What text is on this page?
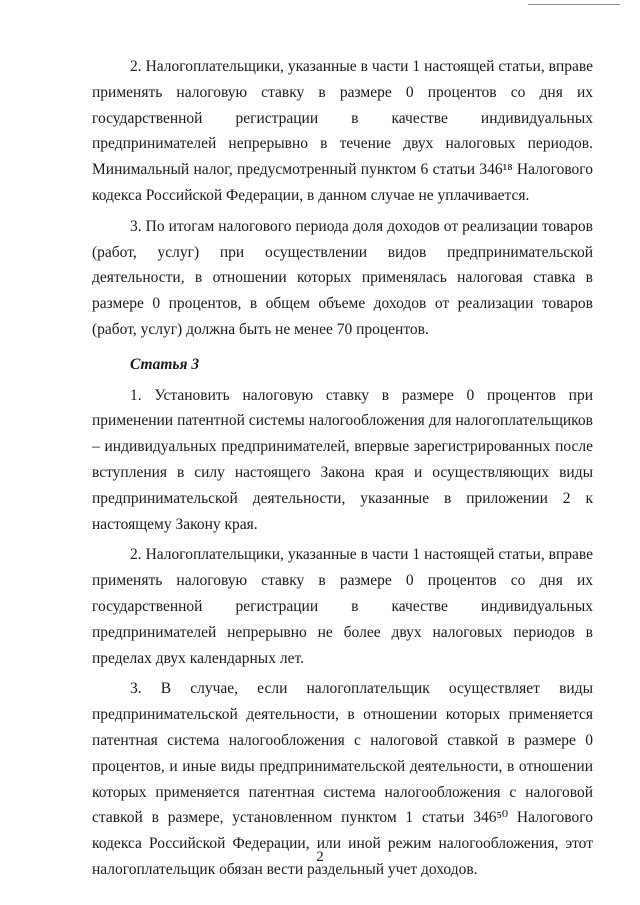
2. Налогоплательщики, указанные в части 1 настоящей статьи, вправе применять налоговую ставку в размере 0 процентов со дня их государственной регистрации в качестве индивидуальных предпринимателей непрерывно в течение двух налоговых периодов. Минимальный налог, предусмотренный пунктом 6 статьи 346¹⁸ Налогового кодекса Российской Федерации, в данном случае не уплачивается.

3. По итогам налогового периода доля доходов от реализации товаров (работ, услуг) при осуществлении видов предпринимательской деятельности, в отношении которых применялась налоговая ставка в размере 0 процентов, в общем объеме доходов от реализации товаров (работ, услуг) должна быть не менее 70 процентов.

Статья 3

1. Установить налоговую ставку в размере 0 процентов при применении патентной системы налогообложения для налогоплательщиков – индивидуальных предпринимателей, впервые зарегистрированных после вступления в силу настоящего Закона края и осуществляющих виды предпринимательской деятельности, указанные в приложении 2 к настоящему Закону края.

2. Налогоплательщики, указанные в части 1 настоящей статьи, вправе применять налоговую ставку в размере 0 процентов со дня их государственной регистрации в качестве индивидуальных предпринимателей непрерывно не более двух налоговых периодов в пределах двух календарных лет.

3. В случае, если налогоплательщик осуществляет виды предпринимательской деятельности, в отношении которых применяется патентная система налогообложения с налоговой ставкой в размере 0 процентов, и иные виды предпринимательской деятельности, в отношении которых применяется патентная система налогообложения с налоговой ставкой в размере, установленном пунктом 1 статьи 346⁵⁰ Налогового кодекса Российской Федерации, или иной режим налогообложения, этот налогоплательщик обязан вести раздельный учет доходов.

2
